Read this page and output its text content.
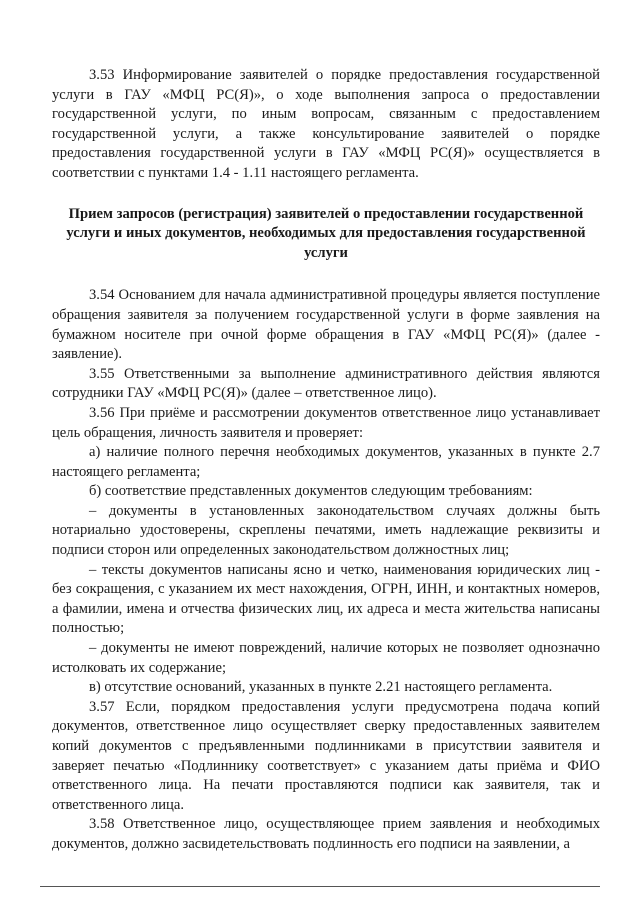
3.53 Информирование заявителей о порядке предоставления государственной услуги в ГАУ «МФЦ РС(Я)», о ходе выполнения запроса о предоставлении государственной услуги, по иным вопросам, связанным с предоставлением государственной услуги, а также консультирование заявителей о порядке предоставления государственной услуги в ГАУ «МФЦ РС(Я)» осуществляется в соответствии с пунктами 1.4 - 1.11 настоящего регламента.

Прием запросов (регистрация) заявителей о предоставлении государственной услуги и иных документов, необходимых для предоставления государственной услуги

3.54 Основанием для начала административной процедуры является поступление обращения заявителя за получением государственной услуги в форме заявления на бумажном носителе при очной форме обращения в ГАУ «МФЦ РС(Я)» (далее - заявление).

3.55 Ответственными за выполнение административного действия являются сотрудники ГАУ «МФЦ РС(Я)» (далее – ответственное лицо).

3.56 При приёме и рассмотрении документов ответственное лицо устанавливает цель обращения, личность заявителя и проверяет:

а) наличие полного перечня необходимых документов, указанных в пункте 2.7 настоящего регламента;

б) соответствие представленных документов следующим требованиям:

– документы в установленных законодательством случаях должны быть нотариально удостоверены, скреплены печатями, иметь надлежащие реквизиты и подписи сторон или определенных законодательством должностных лиц;

– тексты документов написаны ясно и четко, наименования юридических лиц - без сокращения, с указанием их мест нахождения, ОГРН, ИНН, и контактных номеров, а фамилии, имена и отчества физических лиц, их адреса и места жительства написаны полностью;

– документы не имеют повреждений, наличие которых не позволяет однозначно истолковать их содержание;

в) отсутствие оснований, указанных в пункте 2.21 настоящего регламента.

3.57 Если, порядком предоставления услуги предусмотрена подача копий документов, ответственное лицо осуществляет сверку предоставленных заявителем копий документов с предъявленными подлинниками в присутствии заявителя и заверяет печатью «Подлиннику соответствует» с указанием даты приёма и ФИО ответственного лица. На печати проставляются подписи как заявителя, так и ответственного лица.

3.58 Ответственное лицо, осуществляющее прием заявления и необходимых документов, должно засвидетельствовать подлинность его подписи на заявлении, а
